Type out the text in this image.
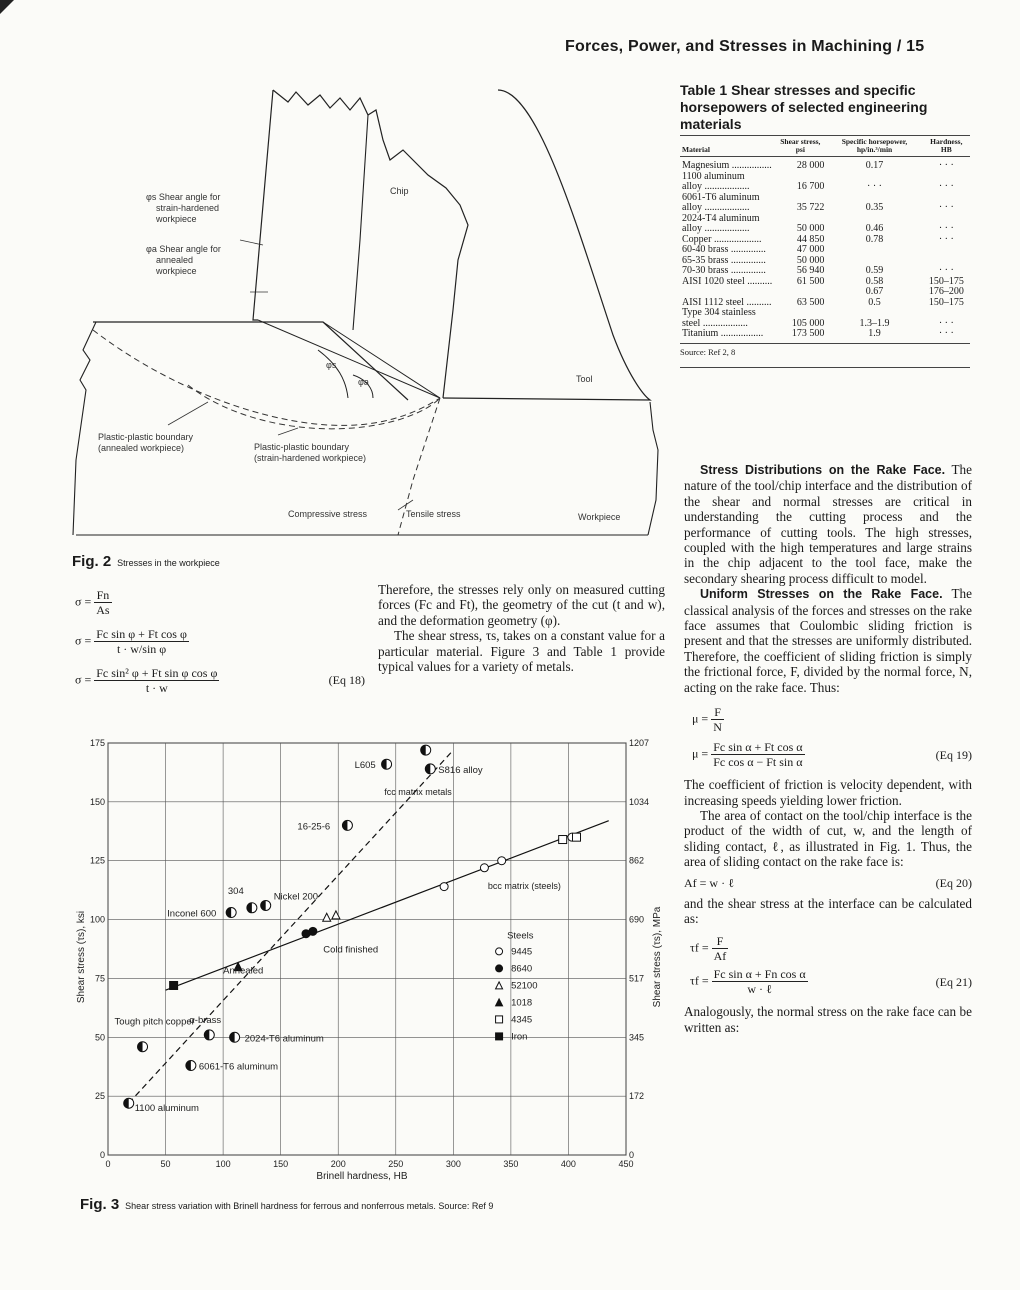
Forces, Power, and Stresses in Machining / 15
φs Shear angle for strain-hardened workpiece
φa Shear angle for annealed workpiece
Chip
Tool
φs
φa
Plastic-plastic boundary (annealed workpiece)	Plastic-plastic boundary (strain-hardened workpiece)
Compressive stress	Tensile stress	Workpiece
Fig. 2 Stresses in the workpiece
$\sigma = \frac{Fn}{As}$
$\sigma = \frac{\text{Fc sin φ + Ft cos φ}}{\text{t · w/sin φ}}$
$\sigma = \frac{\text{Fc sin² φ + Ft sin φ cos φ}}{t \cdot w}$	(Eq 18)
Therefore, the stresses rely only on measured cutting forces (Fc and Ft), the geometry of the cut (t and w), and the deformation geometry (φ).
The shear stress, τs, takes on a constant value for a particular material. Figure 3 and Table 1 provide typical values for a variety of metals.
Table 1 Shear stresses and specific horsepowers of selected engineering materials
Material	Shear stress, psi	Specific horsepower, hp/in.³/min	Hardness, HB

Magnesium ................	28 000	0.17	· · ·
1100 aluminum			
alloy ..................	16 700	· · ·	· · ·
6061-T6 aluminum			
alloy ..................	35 722	0.35	· · ·
2024-T4 aluminum			
alloy ..................	50 000	0.46	· · ·
Copper ...................	44 850	0.78	· · ·
60-40 brass ..............	47 000		
65-35 brass ..............	50 000		
70-30 brass ..............	56 940	0.59	· · ·
AISI 1020 steel ..........	61 500	0.58	150–175
		0.67	176–200
AISI 1112 steel ..........	63 500	0.5	150–175
Type 304 stainless			
steel ..................	105 000	1.3–1.9	· · ·
Titanium .................	173 500	1.9	· · ·
Source: Ref 2, 8
Stress Distributions on the Rake Face. The nature of the tool/chip interface and the distribution of the shear and normal stresses are critical in understanding the cutting process and the performance of cutting tools. The high stresses, coupled with the high temperatures and large strains in the chip adjacent to the tool face, make the secondary shearing process difficult to model.
Uniform Stresses on the Rake Face. The classical analysis of the forces and stresses on the rake face assumes that Coulombic sliding friction is present and that the stresses are uniformly distributed. Therefore, the coefficient of sliding friction is simply the frictional force, F, divided by the normal force, N, acting on the rake face. Thus:
$\mu = \frac{F}{N}$
$\mu = \frac{\text{Fc sin α + Ft cos α}}{\text{Fc cos α − Ft sin α}}$	(Eq 19)
The coefficient of friction is velocity dependent, with increasing speeds yielding lower friction.
The area of contact on the tool/chip interface is the product of the width of cut, w, and the length of sliding contact, ℓ, as illustrated in Fig. 1. Thus, the area of sliding contact on the rake face is:
Af = w · ℓ	(Eq 20)
and the shear stress at the interface can be calculated as:
$\tau f = \frac{F}{Af}$
$\tau f = \frac{\text{Fc sin α + Fn cos α}}{\text{w · ℓ}}$	(Eq 21)
Analogously, the normal stress on the rake face can be written as:
0	50	100	150	200	250	300	350	400	450
0
25
50
75
100
125
150
175
0
172
345
517
690
862
1034
1207
1100 aluminum
6061-T6 aluminum
2024-T6 aluminum
α-brass
Tough pitch copper
Inconel 600
304
Nickel 200
16-25-6
L605	S816 alloy
bcc matrix (steels)
fcc matrix metals
Cold finished
Annealed
Steels
9445
8640
52100
1018
4345
Iron
Brinell hardness, HB
Shear stress (τs), ksi	Shear stress (τs), MPa
Fig. 3 Shear stress variation with Brinell hardness for ferrous and nonferrous metals. Source: Ref 9
